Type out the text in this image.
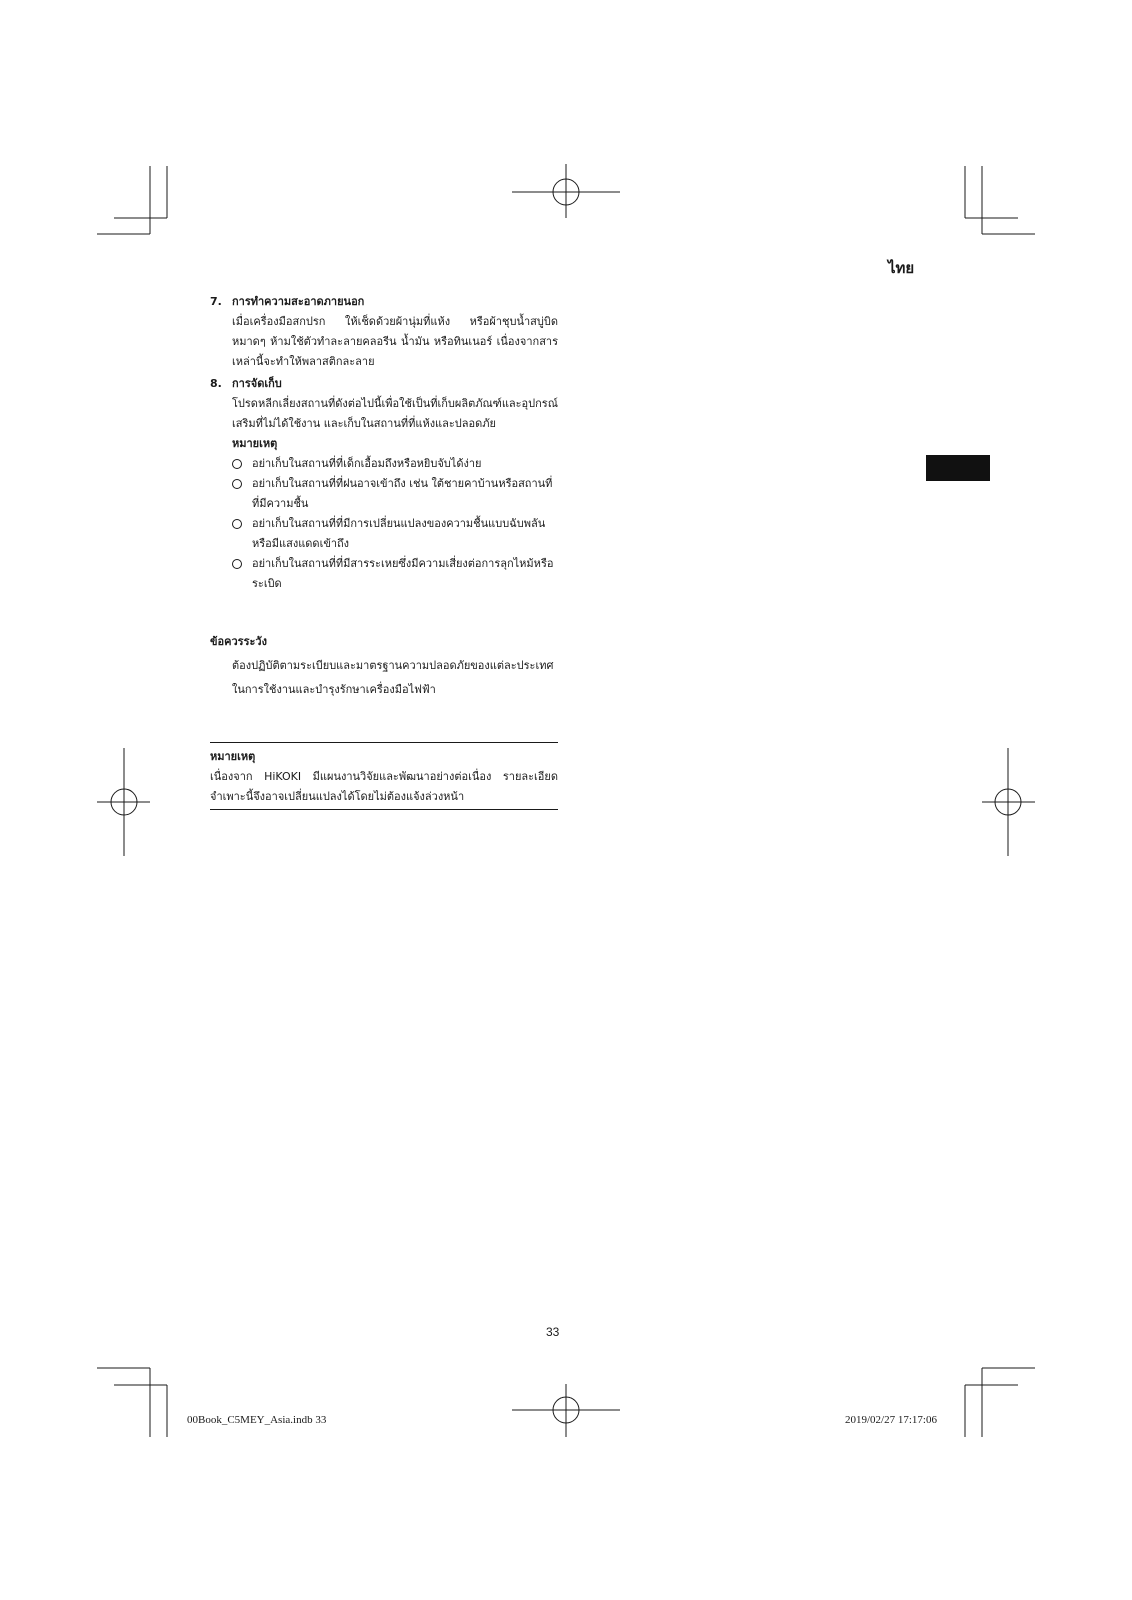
ไทย
7. การทำความสะอาดภายนอก
เมื่อเครื่องมือสกปรก ให้เช็ดด้วยผ้านุ่มที่แห้ง หรือผ้าชุบน้ำสบู่บิดหมาดๆ ห้ามใช้ตัวทำละลายคลอรีน น้ำมัน หรือทินเนอร์ เนื่องจากสารเหล่านี้จะทำให้พลาสติกละลาย
8. การจัดเก็บ
โปรดหลีกเลี่ยงสถานที่ดังต่อไปนี้เพื่อใช้เป็นที่เก็บผลิตภัณฑ์และอุปกรณ์เสริมที่ไม่ได้ใช้งาน และเก็บในสถานที่ที่แห้งและปลอดภัย
หมายเหตุ
อย่าเก็บในสถานที่ที่เด็กเอื้อมถึงหรือหยิบจับได้ง่าย
อย่าเก็บในสถานที่ที่ฝนอาจเข้าถึง เช่น ใต้ชายคาบ้านหรือสถานที่ที่มีความชื้น
อย่าเก็บในสถานที่ที่มีการเปลี่ยนแปลงของความชื้นแบบฉับพลันหรือมีแสงแดดเข้าถึง
อย่าเก็บในสถานที่ที่มีสารระเหยซึ่งมีความเสี่ยงต่อการลุกไหม้หรือระเบิด
ข้อควรระวัง
ต้องปฏิบัติตามระเบียบและมาตรฐานความปลอดภัยของแต่ละประเทศในการใช้งานและบำรุงรักษาเครื่องมือไฟฟ้า
หมายเหตุ
เนื่องจาก HiKOKI มีแผนงานวิจัยและพัฒนาอย่างต่อเนื่อง รายละเอียดจำเพาะนี้จึงอาจเปลี่ยนแปลงได้โดยไม่ต้องแจ้งล่วงหน้า
33
00Book_C5MEY_Asia.indb 33	2019/02/27 17:17:06
